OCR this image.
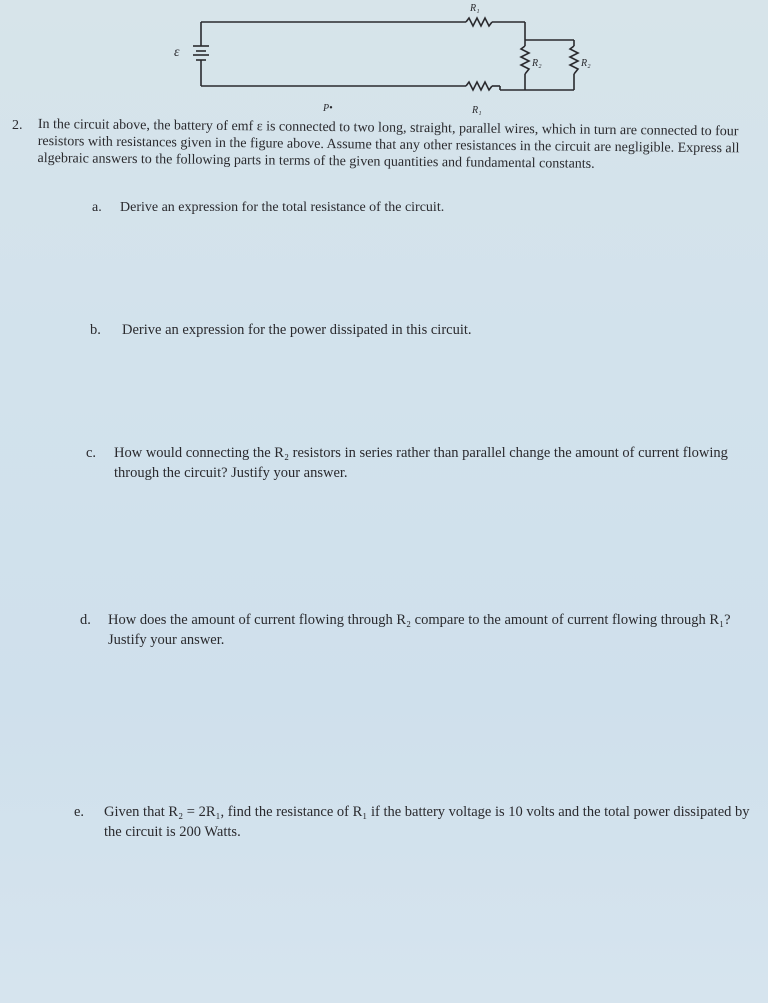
ε
R₁
R₁
R₂	R₂
P•
2. In the circuit above, the battery of emf ε is connected to two long, straight, parallel wires, which in turn are connected to four resistors with resistances given in the figure above. Assume that any other resistances in the circuit are negligible. Express all algebraic answers to the following parts in terms of the given quantities and fundamental constants.

a. Derive an expression for the total resistance of the circuit.

b. Derive an expression for the power dissipated in this circuit.

c. How would connecting the R₂ resistors in series rather than parallel change the amount of current flowing through the circuit? Justify your answer.

d. How does the amount of current flowing through R₂ compare to the amount of current flowing through R₁? Justify your answer.

e. Given that R₂ = 2R₁, find the resistance of R₁ if the battery voltage is 10 volts and the total power dissipated by the circuit is 200 Watts.
